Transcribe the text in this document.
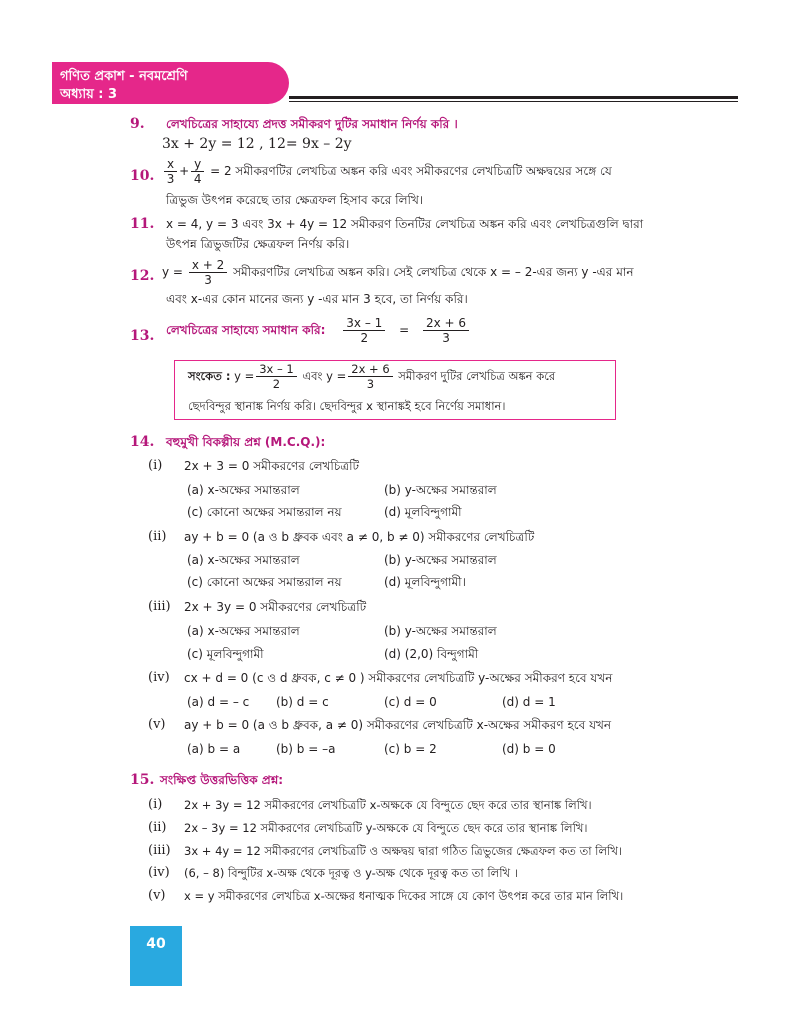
গণিত প্রকাশ - নবমশ্রেণি
অধ্যায় : 3
9. লেখচিত্রের সাহায্যে প্রদত্ত সমীকরণ দুটির সমাধান নির্ণয় করি ।
3x + 2y = 12 , 12= 9x – 2y
10. $\frac{x}{3} + \frac{y}{4} = 2$ সমীকরণটির লেখচিত্র অঙ্কন করি এবং সমীকরণের লেখচিত্রটি অক্ষদ্বয়ের সঙ্গে যে
ত্রিভুজ উৎপন্ন করেছে তার ক্ষেত্রফল হিসাব করে লিখি।
11. x = 4, y = 3 এবং 3x + 4y = 12 সমীকরণ তিনটির লেখচিত্র অঙ্কন করি এবং লেখচিত্রগুলি দ্বারা
উৎপন্ন ত্রিভুজটির ক্ষেত্রফল নির্ণয় করি।
12. $y = \frac{x + 2}{3}$ সমীকরণটির লেখচিত্র অঙ্কন করি। সেই লেখচিত্র থেকে x = – 2-এর জন্য y -এর মান
এবং x-এর কোন মানের জন্য y -এর মান 3 হবে, তা নির্ণয় করি।
13. লেখচিত্রের সাহায্যে সমাধান করি: $\frac{3x - 1}{2} = \frac{2x + 6}{3}$
সংকেত : $y = \frac{3x - 1}{2}$ এবং $y = \frac{2x + 6}{3}$ সমীকরণ দুটির লেখচিত্র অঙ্কন করে
ছেদবিন্দুর স্থানাঙ্ক নির্ণয় করি। ছেদবিন্দুর x স্থানাঙ্কই হবে নির্ণেয় সমাধান।
14. বহুমুখী বিকল্পীয় প্রশ্ন (M.C.Q.):
(i) 2x + 3 = 0 সমীকরণের লেখচিত্রটি
(a) x-অক্ষের সমান্তরাল	(b) y-অক্ষের সমান্তরাল
(c) কোনো অক্ষের সমান্তরাল নয়	(d) মূলবিন্দুগামী
(ii) ay + b = 0 (a ও b ধ্রুবক এবং a ≠ 0, b ≠ 0) সমীকরণের লেখচিত্রটি
(a) x-অক্ষের সমান্তরাল	(b) y-অক্ষের সমান্তরাল
(c) কোনো অক্ষের সমান্তরাল নয়	(d) মূলবিন্দুগামী।
(iii) 2x + 3y = 0 সমীকরণের লেখচিত্রটি
(a) x-অক্ষের সমান্তরাল	(b) y-অক্ষের সমান্তরাল
(c) মূলবিন্দুগামী	(d) (2,0) বিন্দুগামী
(iv) cx + d = 0 (c ও d ধ্রুবক, c ≠ 0 ) সমীকরণের লেখচিত্রটি y-অক্ষের সমীকরণ হবে যখন
(a) d = – c (b) d = c	(c) d = 0	(d) d = 1
(v) ay + b = 0 (a ও b ধ্রুবক, a ≠ 0) সমীকরণের লেখচিত্রটি x-অক্ষের সমীকরণ হবে যখন
(a) b = a	(b) b = –a	(c) b = 2	(d) b = 0
15. সংক্ষিপ্ত উত্তরভিত্তিক প্রশ্ন:
(i) 2x + 3y = 12 সমীকরণের লেখচিত্রটি x-অক্ষকে যে বিন্দুতে ছেদ করে তার স্থানাঙ্ক লিখি।
(ii) 2x – 3y = 12 সমীকরণের লেখচিত্রটি y-অক্ষকে যে বিন্দুতে ছেদ করে তার স্থানাঙ্ক লিখি।
(iii) 3x + 4y = 12 সমীকরণের লেখচিত্রটি ও অক্ষদ্বয় দ্বারা গঠিত ত্রিভুজের ক্ষেত্রফল কত তা লিখি।
(iv) (6, – 8) বিন্দুটির x-অক্ষ থেকে দূরত্ব ও y-অক্ষ থেকে দূরত্ব কত তা লিখি ।
(v) x = y সমীকরণের লেখচিত্র x-অক্ষের ধনাত্মক দিকের সাঙ্গে যে কোণ উৎপন্ন করে তার মান লিখি।
40
